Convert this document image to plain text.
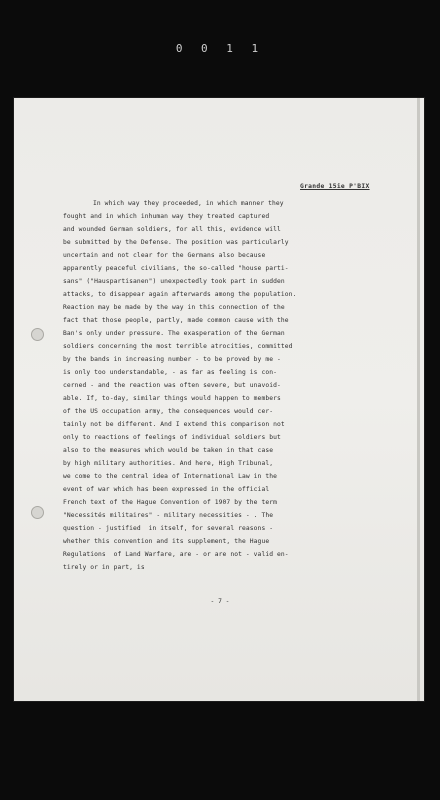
0 0 1 1
Grande 15ie P'BIX
In which way they proceeded, in which manner they
fought and in which inhuman way they treated captured
and wounded German soldiers, for all this, evidence will
be submitted by the Defense. The position was particularly
uncertain and not clear for the Germans also because
apparently peaceful civilians, the so-called "house parti-
sans" ("Hauspartisanen") unexpectedly took part in sudden
attacks, to disappear again afterwards among the population.
Reaction may be made by the way in this connection of the
fact that those people, partly, made common cause with the
Ban's only under pressure. The exasperation of the German
soldiers concerning the most terrible atrocities, committed
by the bands in increasing number - to be proved by me -
is only too understandable, - as far as feeling is con-
cerned - and the reaction was often severe, but unavoid-
able. If, to-day, similar things would happen to members
of the US occupation army, the consequences would cer-
tainly not be different. And I extend this comparison not
only to reactions of feelings of individual soldiers but
also to the measures which would be taken in that case
by high military authorities. And here, High Tribunal,
we come to the central idea of International Law in the
event of war which has been expressed in the official
French text of the Hague Convention of 1907 by the term
"Necessités militaires" - military necessities - . The
question - justified  in itself, for several reasons -
whether this convention and its supplement, the Hague
Regulations  of Land Warfare, are - or are not - valid en-
tirely or in part, is
- 7 -
